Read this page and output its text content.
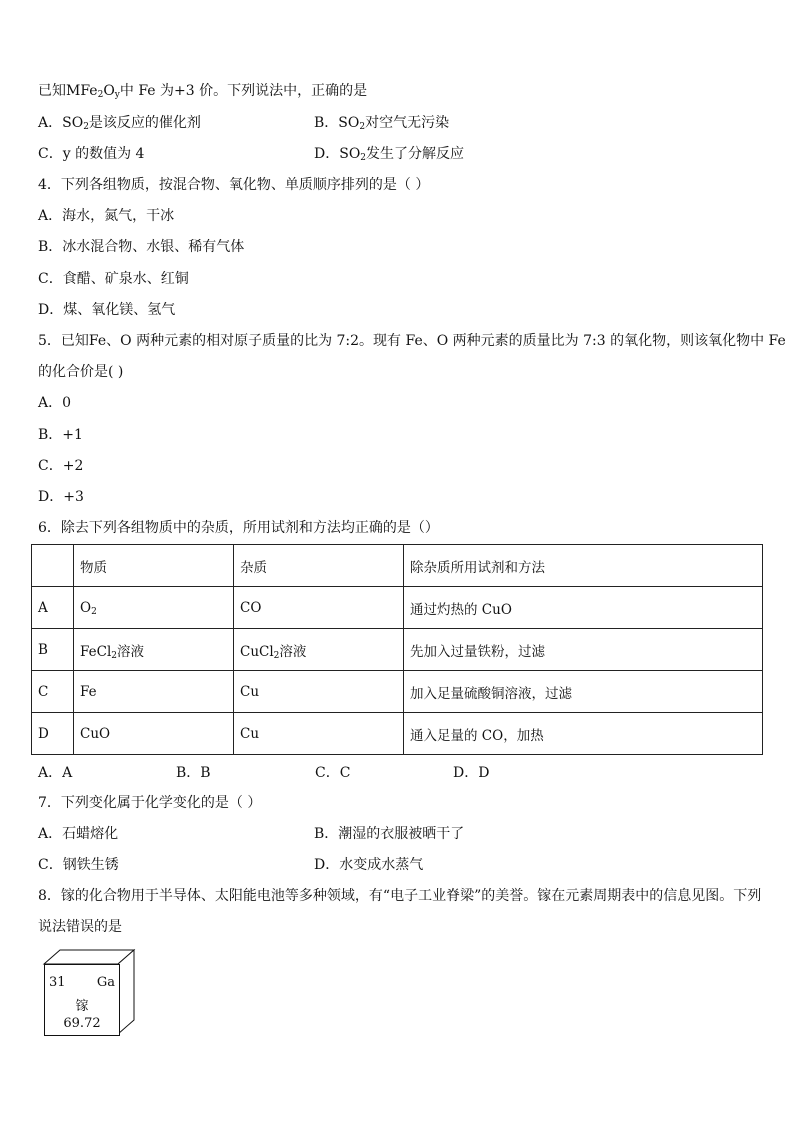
已知$MFe_2O_y$中 Fe 为+3 价。下列说法中，正确的是
A．$SO_2$是该反应的催化剂	B．$SO_2$对空气无污染
C．y 的数值为 4	D．$SO_2$发生了分解反应
4．下列各组物质，按混合物、氧化物、单质顺序排列的是（ ）
A．海水，氮气，干冰
B．冰水混合物、水银、稀有气体
C．食醋、矿泉水、红铜
D．煤、氧化镁、氢气
5．已知Fe、O 两种元素的相对原子质量的比为 7:2。现有 Fe、O 两种元素的质量比为 7:3 的氧化物，则该氧化物中 Fe
的化合价是( )
A．0
B．+1
C．+2
D．+3
6．除去下列各组物质中的杂质，所用试剂和方法均正确的是（）
	物质	杂质	除杂质所用试剂和方法
A	$O_2$	CO	通过灼热的 CuO
B	FeCl$_2$溶液	CuCl$_2$溶液	先加入过量铁粉，过滤
C	Fe	Cu	加入足量硫酸铜溶液，过滤
D	CuO	Cu	通入足量的 CO，加热
A．A	B．B	C．C	D．D
7．下列变化属于化学变化的是（ ）
A．石蜡熔化	B．潮湿的衣服被晒干了
C．钢铁生锈	D．水变成水蒸气
8．镓的化合物用于半导体、太阳能电池等多种领域，有“电子工业脊梁”的美誉。镓在元素周期表中的信息见图。下列
说法错误的是
31 Ga
镓
69.72
